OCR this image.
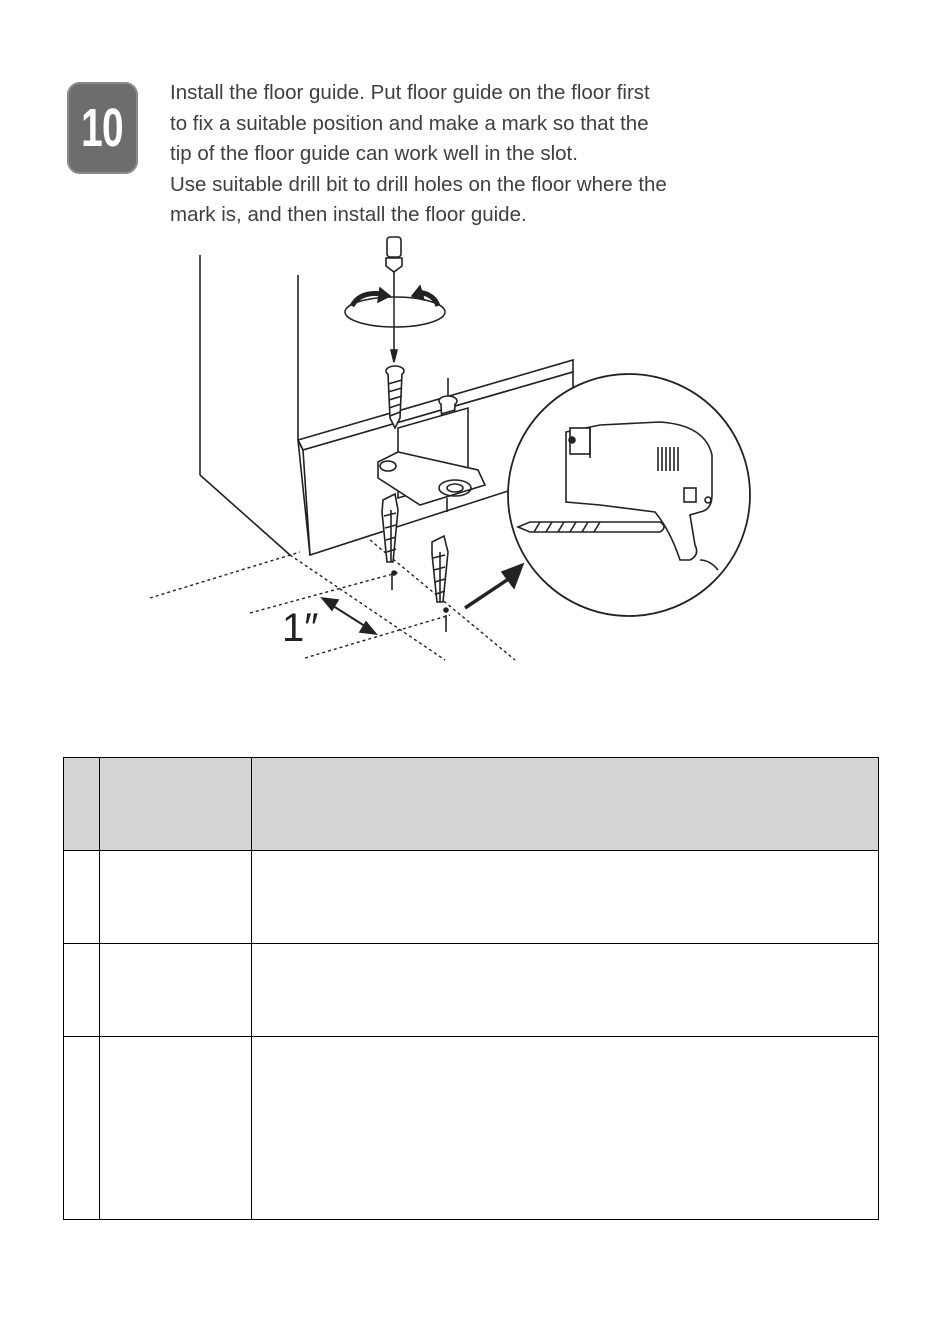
10
Install the floor guide. Put floor guide on the floor first
to fix a suitable position and make a mark so that the
tip of the floor guide can work well in the slot.
Use suitable drill bit to drill holes on the floor where the
mark is, and then install the floor guide.
1″
